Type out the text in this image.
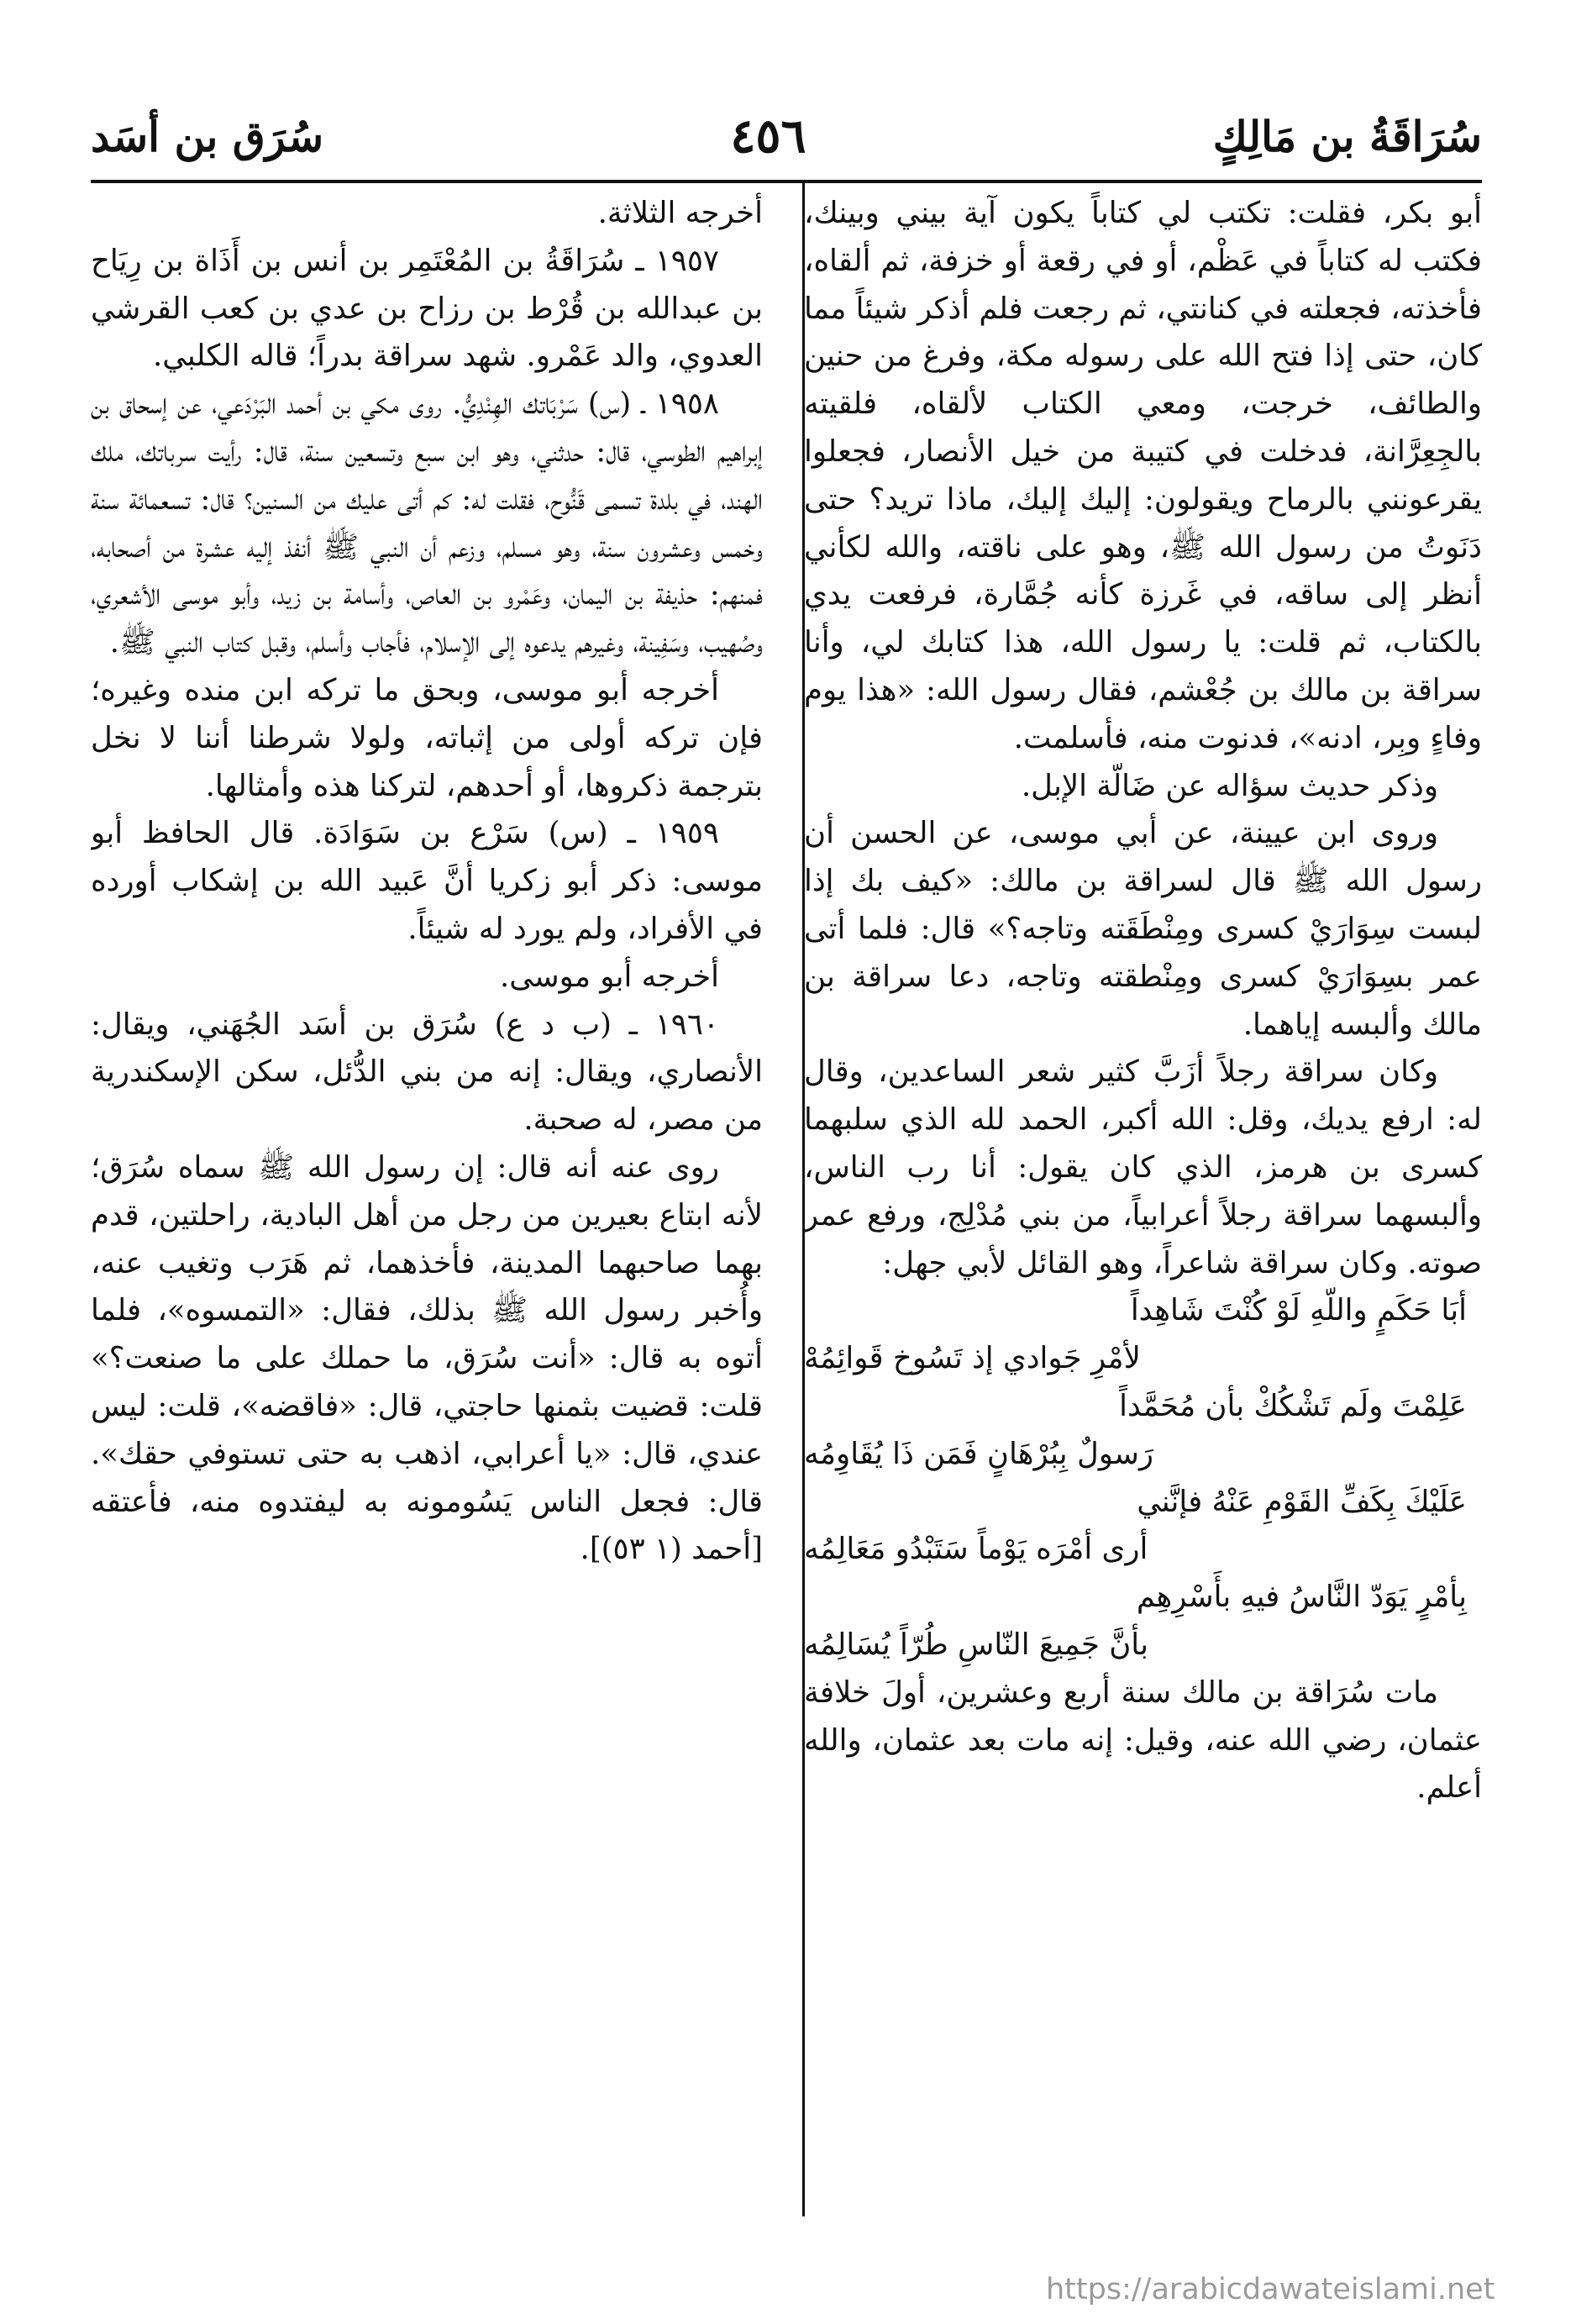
سُرَاقَةُ بن مَالِكٍ
٤٥٦
سُرَق بن أسَد

أبو بكر، فقلت: تكتب لي كتاباً يكون آية بيني وبينك، فكتب له كتاباً في عَظْم، أو في رقعة أو خزفة، ثم ألقاه، فأخذته، فجعلته في كنانتي، ثم رجعت فلم أذكر شيئاً مما كان، حتى إذا فتح الله على رسوله مكة، وفرغ من حنين والطائف، خرجت، ومعي الكتاب لألقاه، فلقيته بالجِعِرَّانة، فدخلت في كتيبة من خيل الأنصار، فجعلوا يقرعونني بالرماح ويقولون: إليك إليك، ماذا تريد؟ حتى دَنَوتُ من رسول الله ﷺ، وهو على ناقته، والله لكأني أنظر إلى ساقه، في غَرزة كأنه جُمَّارة، فرفعت يدي بالكتاب، ثم قلت: يا رسول الله، هذا كتابك لي، وأنا سراقة بن مالك بن جُعْشم، فقال رسول الله: «هذا يوم وفاءٍ وبِر، ادنه»، فدنوت منه، فأسلمت.

وذكر حديث سؤاله عن ضَالّة الإبل.

وروى ابن عيينة، عن أبي موسى، عن الحسن أن رسول الله ﷺ قال لسراقة بن مالك: «كيف بك إذا لبست سِوَارَيْ كسرى ومِنْطَقَته وتاجه؟» قال: فلما أتى عمر بسِوَارَيْ كسرى ومِنْطقته وتاجه، دعا سراقة بن مالك وألبسه إياهما.

وكان سراقة رجلاً أزَبَّ كثير شعر الساعدين، وقال له: ارفع يديك، وقل: الله أكبر، الحمد لله الذي سلبهما كسرى بن هرمز، الذي كان يقول: أنا رب الناس، وألبسهما سراقة رجلاً أعرابياً، من بني مُدْلِج، ورفع عمر صوته. وكان سراقة شاعراً، وهو القائل لأبي جهل:

أبَا حَكَمٍ واللّهِ لَوْ كُنْتَ شَاهِداً

لأمْرِ جَوادي إذ تَسُوخ قَوائِمُهْ

عَلِمْتَ ولَم تَشْكُكْ بأن مُحَمَّداً

رَسولٌ بِبُرْهَانٍ فَمَن ذَا يُقَاوِمُه

عَلَيْكَ بِكَفِّ القَوْمِ عَنْهُ فإنَّني

أرى أمْرَه يَوْماً سَتَبْدُو مَعَالِمُه

بِأمْرٍ يَوَدّ النَّاسُ فيهِ بأَسْرِهِم

بأنَّ جَمِيعَ النّاسِ طُرّاً يُسَالِمُه

مات سُرَاقة بن مالك سنة أربع وعشرين، أولَ خلافة عثمان، رضي الله عنه، وقيل: إنه مات بعد عثمان، والله أعلم.

أخرجه الثلاثة.

١٩٥٧ ـ سُرَاقَةُ بن المُعْتَمِر بن أنس بن أَذَاة بن رِيَاح بن عبدالله بن قُرْط بن رزاح بن عدي بن كعب القرشي العدوي، والد عَمْرو. شهد سراقة بدراً؛ قاله الكلبي.

١٩٥٨ ـ (س) سَرْبَاتك الهِنْدِيُّ. روى مكي بن أحمد البَرْدَعي، عن إسحاق بن إبراهيم الطوسي، قال: حدثني، وهو ابن سبع وتسعين سنة، قال: رأيت سرباتك، ملك الهند، في بلدة تسمى قَنُّوح، فقلت له: كم أتى عليك من السنين؟ قال: تسعمائة سنة وخمس وعشرون سنة، وهو مسلم، وزعم أن النبي ﷺ أنفذ إليه عشرة من أصحابه، فمنهم: حذيفة بن اليمان، وعَمْرو بن العاص، وأسامة بن زيد، وأبو موسى الأشعري، وصُهيب، وسَفِينة، وغيرهم يدعوه إلى الإسلام، فأجاب وأسلم، وقبل كتاب النبي ﷺ.

أخرجه أبو موسى، وبحق ما تركه ابن منده وغيره؛ فإن تركه أولى من إثباته، ولولا شرطنا أننا لا نخل بترجمة ذكروها، أو أحدهم، لتركنا هذه وأمثالها.

١٩٥٩ ـ (س) سَرْع بن سَوَادَة. قال الحافظ أبو موسى: ذكر أبو زكريا أنَّ عَبيد الله بن إشكاب أورده في الأفراد، ولم يورد له شيئاً.

أخرجه أبو موسى.

١٩٦٠ ـ (ب د ع) سُرَق بن أسَد الجُهَني، ويقال: الأنصاري، ويقال: إنه من بني الدُّئل، سكن الإسكندرية من مصر، له صحبة.

روى عنه أنه قال: إن رسول الله ﷺ سماه سُرَق؛ لأنه ابتاع بعيرين من رجل من أهل البادية، راحلتين، قدم بهما صاحبهما المدينة، فأخذهما، ثم هَرَب وتغيب عنه، وأُخبر رسول الله ﷺ بذلك، فقال: «التمسوه»، فلما أتوه به قال: «أنت سُرَق، ما حملك على ما صنعت؟» قلت: قضيت بثمنها حاجتي، قال: «فاقضه»، قلت: ليس عندي، قال: «يا أعرابي، اذهب به حتى تستوفي حقك». قال: فجعل الناس يَسُومونه به ليفتدوه منه، فأعتقه [أحمد (١ ٥٣)].

https://arabicdawateislami.net
